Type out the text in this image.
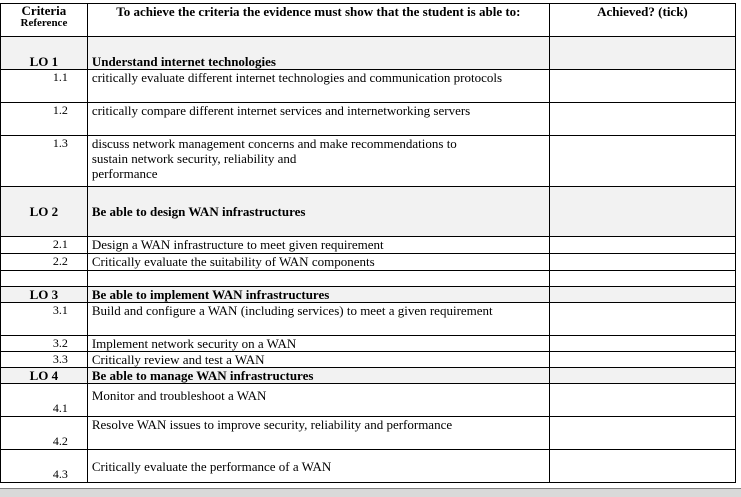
Criteria
Reference	To achieve the criteria the evidence must show that the student is able to:	Achieved? (tick)
LO 1	Understand internet technologies	
1.1	critically evaluate different internet technologies and communication protocols	
1.2	critically compare different internet services and internetworking servers	
1.3	discuss network management concerns and make recommendations to
sustain network security, reliability and
performance	

LO 2	Be able to design WAN infrastructures	
2.1	Design a WAN infrastructure to meet given requirement	
2.2	Critically evaluate the suitability of WAN components	

LO 3	Be able to implement WAN infrastructures	
3.1	Build and configure a WAN (including services) to meet a given requirement	
3.2	Implement network security on a WAN	
3.3	Critically review and test a WAN	
LO 4	Be able to manage WAN infrastructures	
4.1	Monitor and troubleshoot a WAN	
4.2	Resolve WAN issues to improve security, reliability and performance	
4.3	Critically evaluate the performance of a WAN	
